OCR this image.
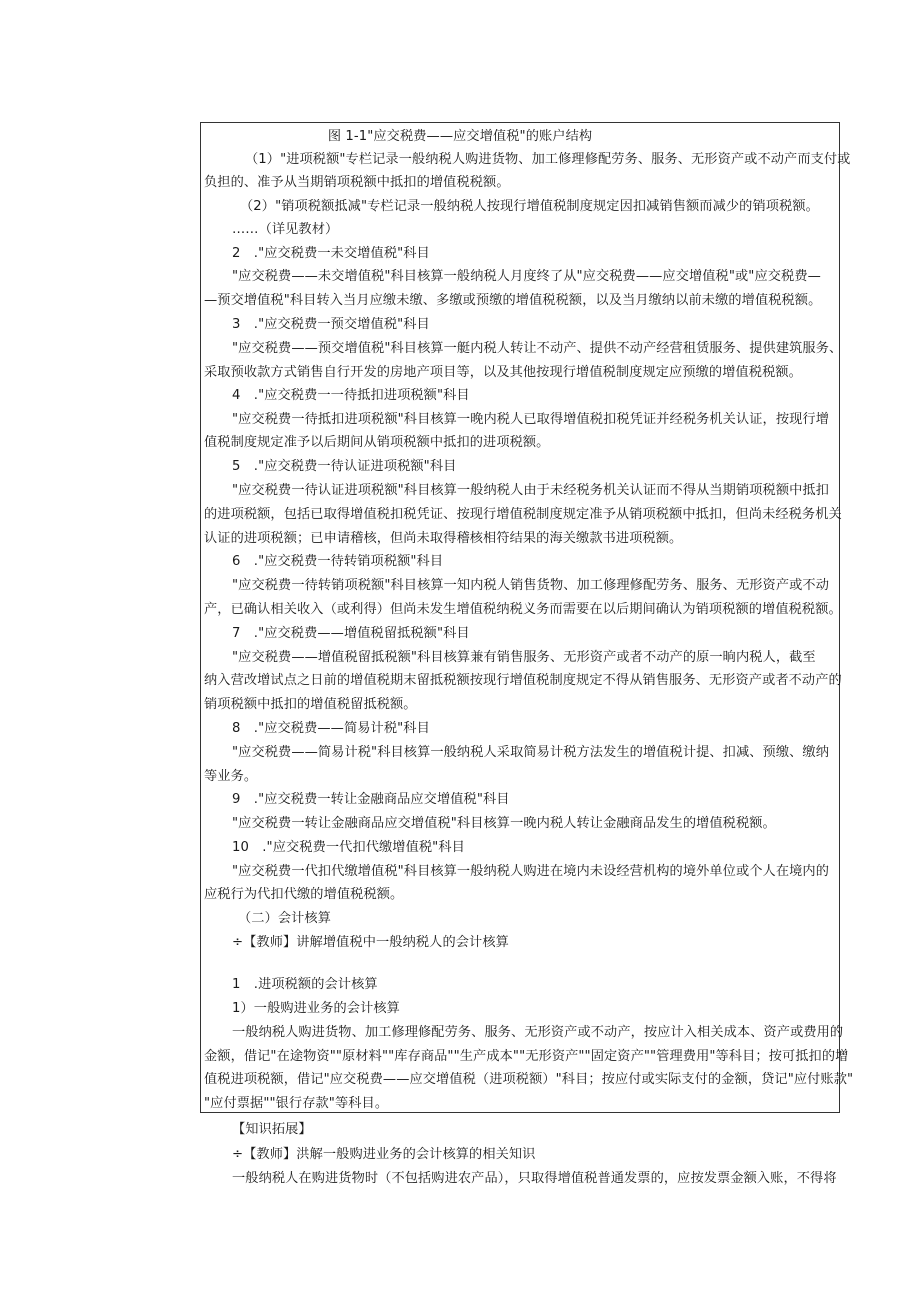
图 1-1"应交税费——应交增值税"的账户结构
（1）"进项税额"专栏记录一般纳税人购进货物、加工修理修配劳务、服务、无形资产或不动产而支付或
负担的、准予从当期销项税额中抵扣的增值税税额。
（2）"销项税额抵减"专栏记录一般纳税人按现行增值税制度规定因扣减销售额而减少的销项税额。
……（详见教材）
2　."应交税费一未交增值税"科目
"应交税费——未交增值税"科目核算一般纳税人月度终了从"应交税费——应交增值税"或"应交税费—
—预交增值税"科目转入当月应缴未缴、多缴或预缴的增值税税额，以及当月缴纳以前未缴的增值税税额。
3　."应交税费一预交增值税"科目
"应交税费——预交增值税"科目核算一艇内税人转让不动产、提供不动产经营租赁服务、提供建筑服务、
采取预收款方式销售自行开发的房地产项目等，以及其他按现行增值税制度规定应预缴的增值税税额。
4　."应交税费一一待抵扣进项税额"科目
"应交税费一待抵扣进项税额"科目核算一晚内税人已取得增值税扣税凭证并经税务机关认证，按现行增
值税制度规定准予以后期间从销项税额中抵扣的进项税额。
5　."应交税费一待认证进项税额"科目
"应交税费一待认证进项税额"科目核算一般纳税人由于未经税务机关认证而不得从当期销项税额中抵扣
的进项税额，包括已取得增值税扣税凭证、按现行增值税制度规定准予从销项税额中抵扣，但尚未经税务机关
认证的进项税额；已申请稽核，但尚未取得稽核相符结果的海关缴款书进项税额。
6　."应交税费一待转销项税额"科目
"应交税费一待转销项税额"科目核算一知内税人销售货物、加工修理修配劳务、服务、无形资产或不动
产，已确认相关收入（或利得）但尚未发生增值税纳税义务而需要在以后期间确认为销项税额的增值税税额。
7　."应交税费——增值税留抵税额"科目
"应交税费——增值税留抵税额"科目核算兼有销售服务、无形资产或者不动产的原一晌内税人，截至
纳入营改增试点之日前的增值税期末留抵税额按现行增值税制度规定不得从销售服务、无形资产或者不动产的
销项税额中抵扣的增值税留抵税额。
8　."应交税费——简易计税"科目
"应交税费——简易计税"科目核算一般纳税人采取简易计税方法发生的增值税计提、扣减、预缴、缴纳
等业务。
9　."应交税费一转让金融商品应交增值税"科目
"应交税费一转让金融商品应交增值税"科目核算一晚内税人转让金融商品发生的增值税税额。
10　."应交税费一代扣代缴增值税"科目
"应交税费一代扣代缴增值税"科目核算一般纳税人购进在境内未设经营机构的境外单位或个人在境内的
应税行为代扣代缴的增值税税额。
（二）会计核算
÷【教师】讲解增值税中一般纳税人的会计核算
1　.进项税额的会计核算
1）一般购进业务的会计核算
一般纳税人购进货物、加工修理修配劳务、服务、无形资产或不动产，按应计入相关成本、资产或费用的
金额，借记"在途物资""原材料""库存商品""生产成本""无形资产""固定资产""管理费用"等科目；按可抵扣的增
值税进项税额，借记"应交税费——应交增值税（进项税额）"科目；按应付或实际支付的金额，贷记"应付账款"
"应付票据""银行存款"等科目。
【知识拓展】
÷【教师】洪解一般购进业务的会计核算的相关知识
一般纳税人在购进货物时（不包括购进农产品），只取得增值税普通发票的，应按发票金额入账，不得将
